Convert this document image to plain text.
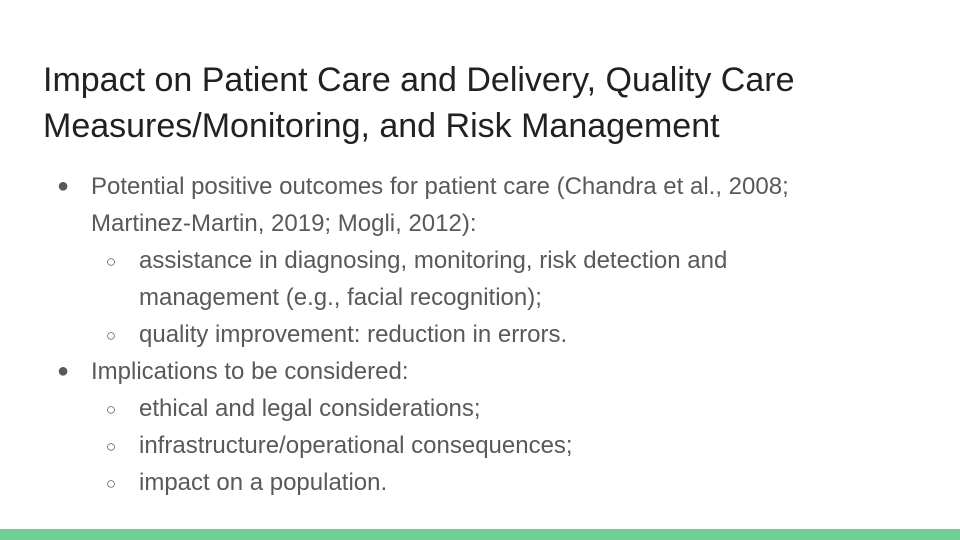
Impact on Patient Care and Delivery, Quality Care
Measures/Monitoring, and Risk Management
● Potential positive outcomes for patient care (Chandra et al., 2008; Martinez-Martin, 2019; Mogli, 2012):
○ assistance in diagnosing, monitoring, risk detection and management (e.g., facial recognition);
○ quality improvement: reduction in errors.
● Implications to be considered:
○ ethical and legal considerations;
○ infrastructure/operational consequences;
○ impact on a population.
